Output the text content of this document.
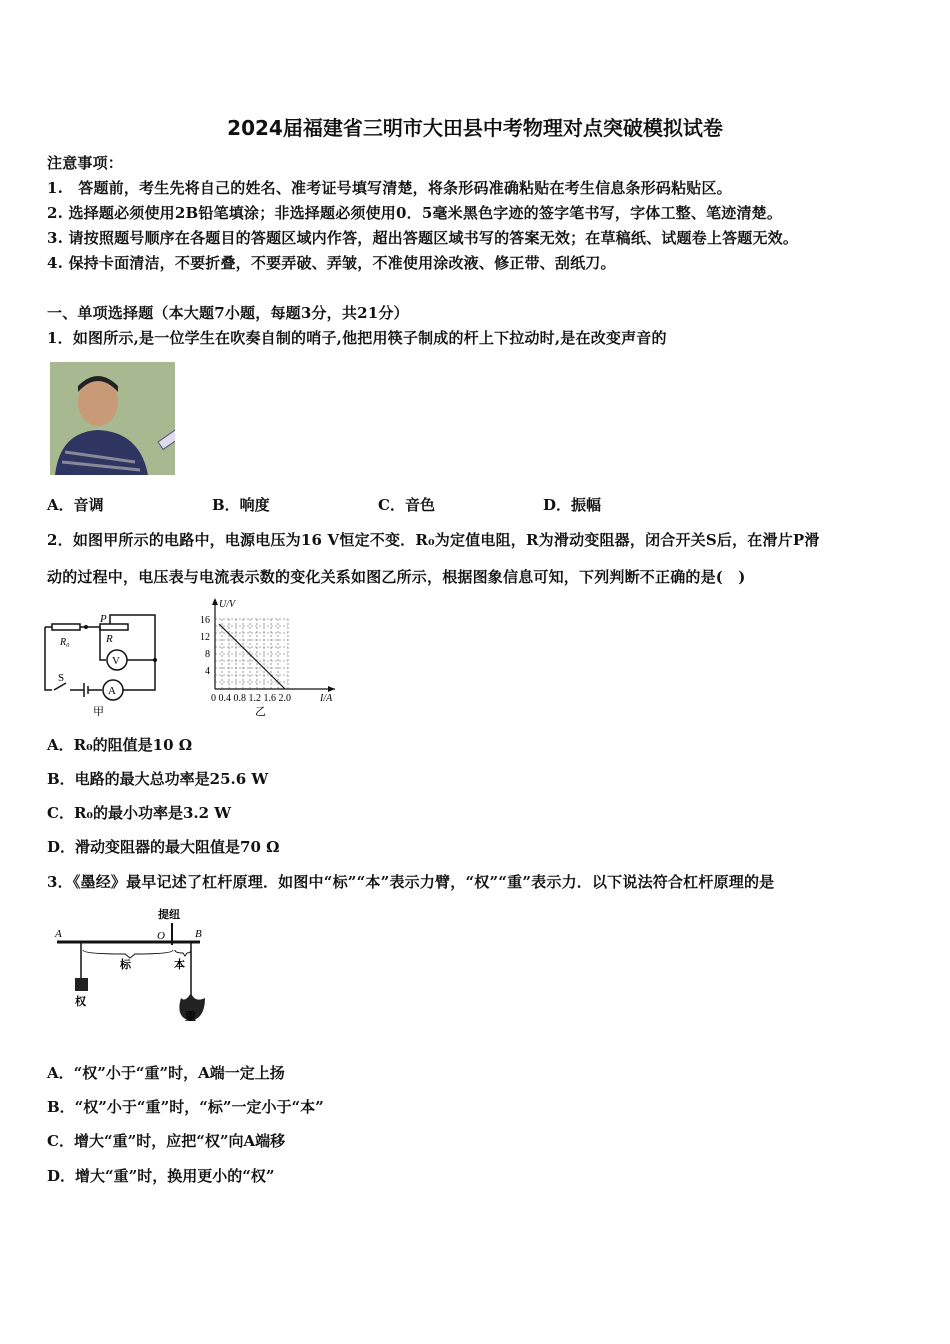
2024届福建省三明市大田县中考物理对点突破模拟试卷
注意事项：
1.　答题前，考生先将自己的姓名、准考证号填写清楚，将条形码准确粘贴在考生信息条形码粘贴区。
2. 选择题必须使用2B铅笔填涂；非选择题必须使用0．5毫米黑色字迹的签字笔书写，字体工整、笔迹清楚。
3. 请按照题号顺序在各题目的答题区域内作答，超出答题区域书写的答案无效；在草稿纸、试题卷上答题无效。
4. 保持卡面清洁，不要折叠，不要弄破、弄皱，不准使用涂改液、修正带、刮纸刀。
一、单项选择题（本大题7小题，每题3分，共21分）
1．如图所示,是一位学生在吹奏自制的哨子,他把用筷子制成的杆上下拉动时,是在改变声音的
A．音调	B．响度	C．音色	D．振幅
2．如图甲所示的电路中，电源电压为16 V恒定不变．R₀为定值电阻，R为滑动变阻器，闭合开关S后，在滑片P滑
动的过程中，电压表与电流表示数的变化关系如图乙所示，根据图象信息可知，下列判断不正确的是(　)
R₀	R
P
V
A
S
甲
U/V
16
12
8
4
0 0.4 0.8 1.2 1.6 2.0	I/A
乙
A．R₀的阻值是10 Ω
B．电路的最大总功率是25.6 W
C．R₀的最小功率是3.2 W
D．滑动变阻器的最大阻值是70 Ω
3．《墨经》最早记述了杠杆原理．如图中“标”“本”表示力臂，“权”“重”表示力．以下说法符合杠杆原理的是
提纽
A	O	B
标	本
权
重
A．“权”小于“重”时，A端一定上扬
B．“权”小于“重”时，“标”一定小于“本”
C．增大“重”时，应把“权”向A端移
D．增大“重”时，换用更小的“权”
